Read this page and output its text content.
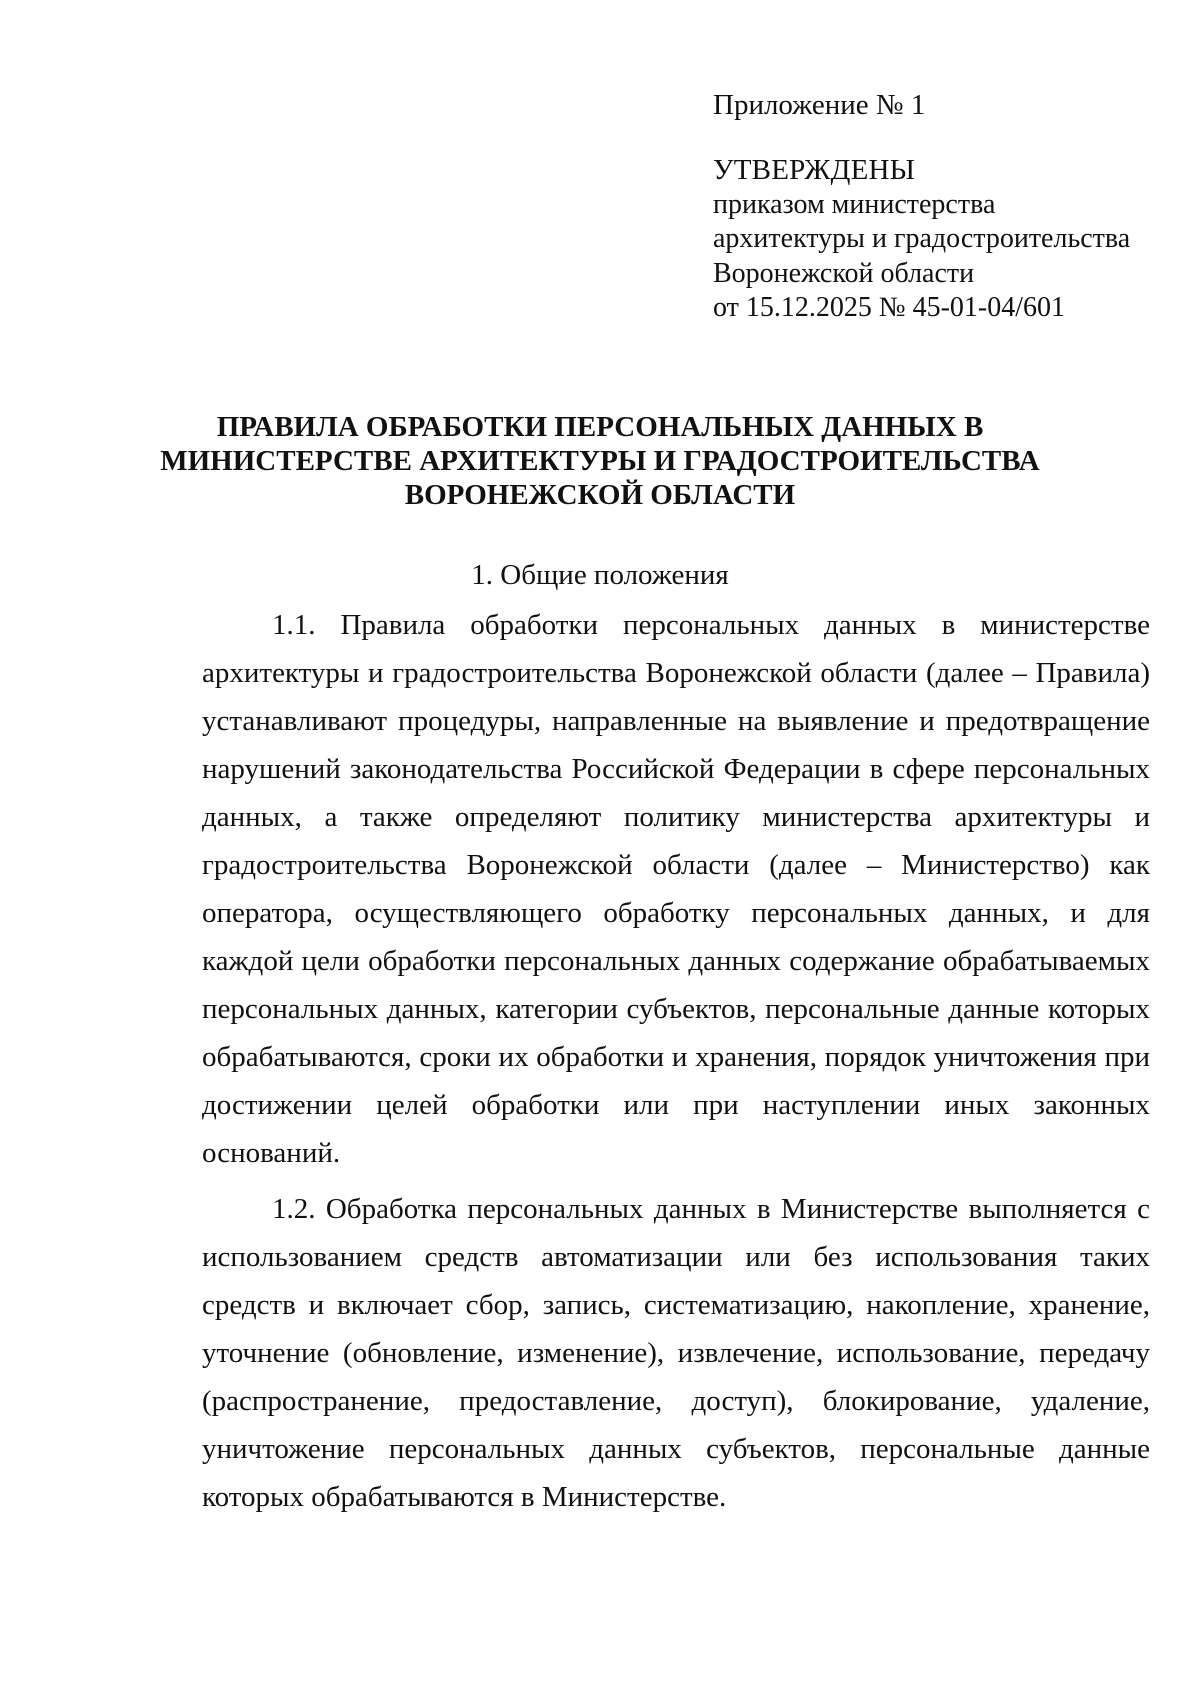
Приложение № 1
УТВЕРЖДЕНЫ
приказом министерства
архитектуры и градостроительства
Воронежской области
от 15.12.2025 № 45-01-04/601
ПРАВИЛА ОБРАБОТКИ ПЕРСОНАЛЬНЫХ ДАННЫХ В
МИНИСТЕРСТВЕ АРХИТЕКТУРЫ И ГРАДОСТРОИТЕЛЬСТВА
ВОРОНЕЖСКОЙ ОБЛАСТИ
1. Общие положения

1.1. Правила обработки персональных данных в министерстве архитектуры и градостроительства Воронежской области (далее – Правила) устанавливают процедуры, направленные на выявление и предотвращение нарушений законодательства Российской Федерации в сфере персональных данных, а также определяют политику министерства архитектуры и градостроительства Воронежской области (далее – Министерство) как оператора, осуществляющего обработку персональных данных, и для каждой цели обработки персональных данных содержание обрабатываемых персональных данных, категории субъектов, персональные данные которых обрабатываются, сроки их обработки и хранения, порядок уничтожения при достижении целей обработки или при наступлении иных законных оснований.

1.2. Обработка персональных данных в Министерстве выполняется с использованием средств автоматизации или без использования таких средств и включает сбор, запись, систематизацию, накопление, хранение, уточнение (обновление, изменение), извлечение, использование, передачу (распространение, предоставление, доступ), блокирование, удаление, уничтожение персональных данных субъектов, персональные данные которых обрабатываются в Министерстве.
